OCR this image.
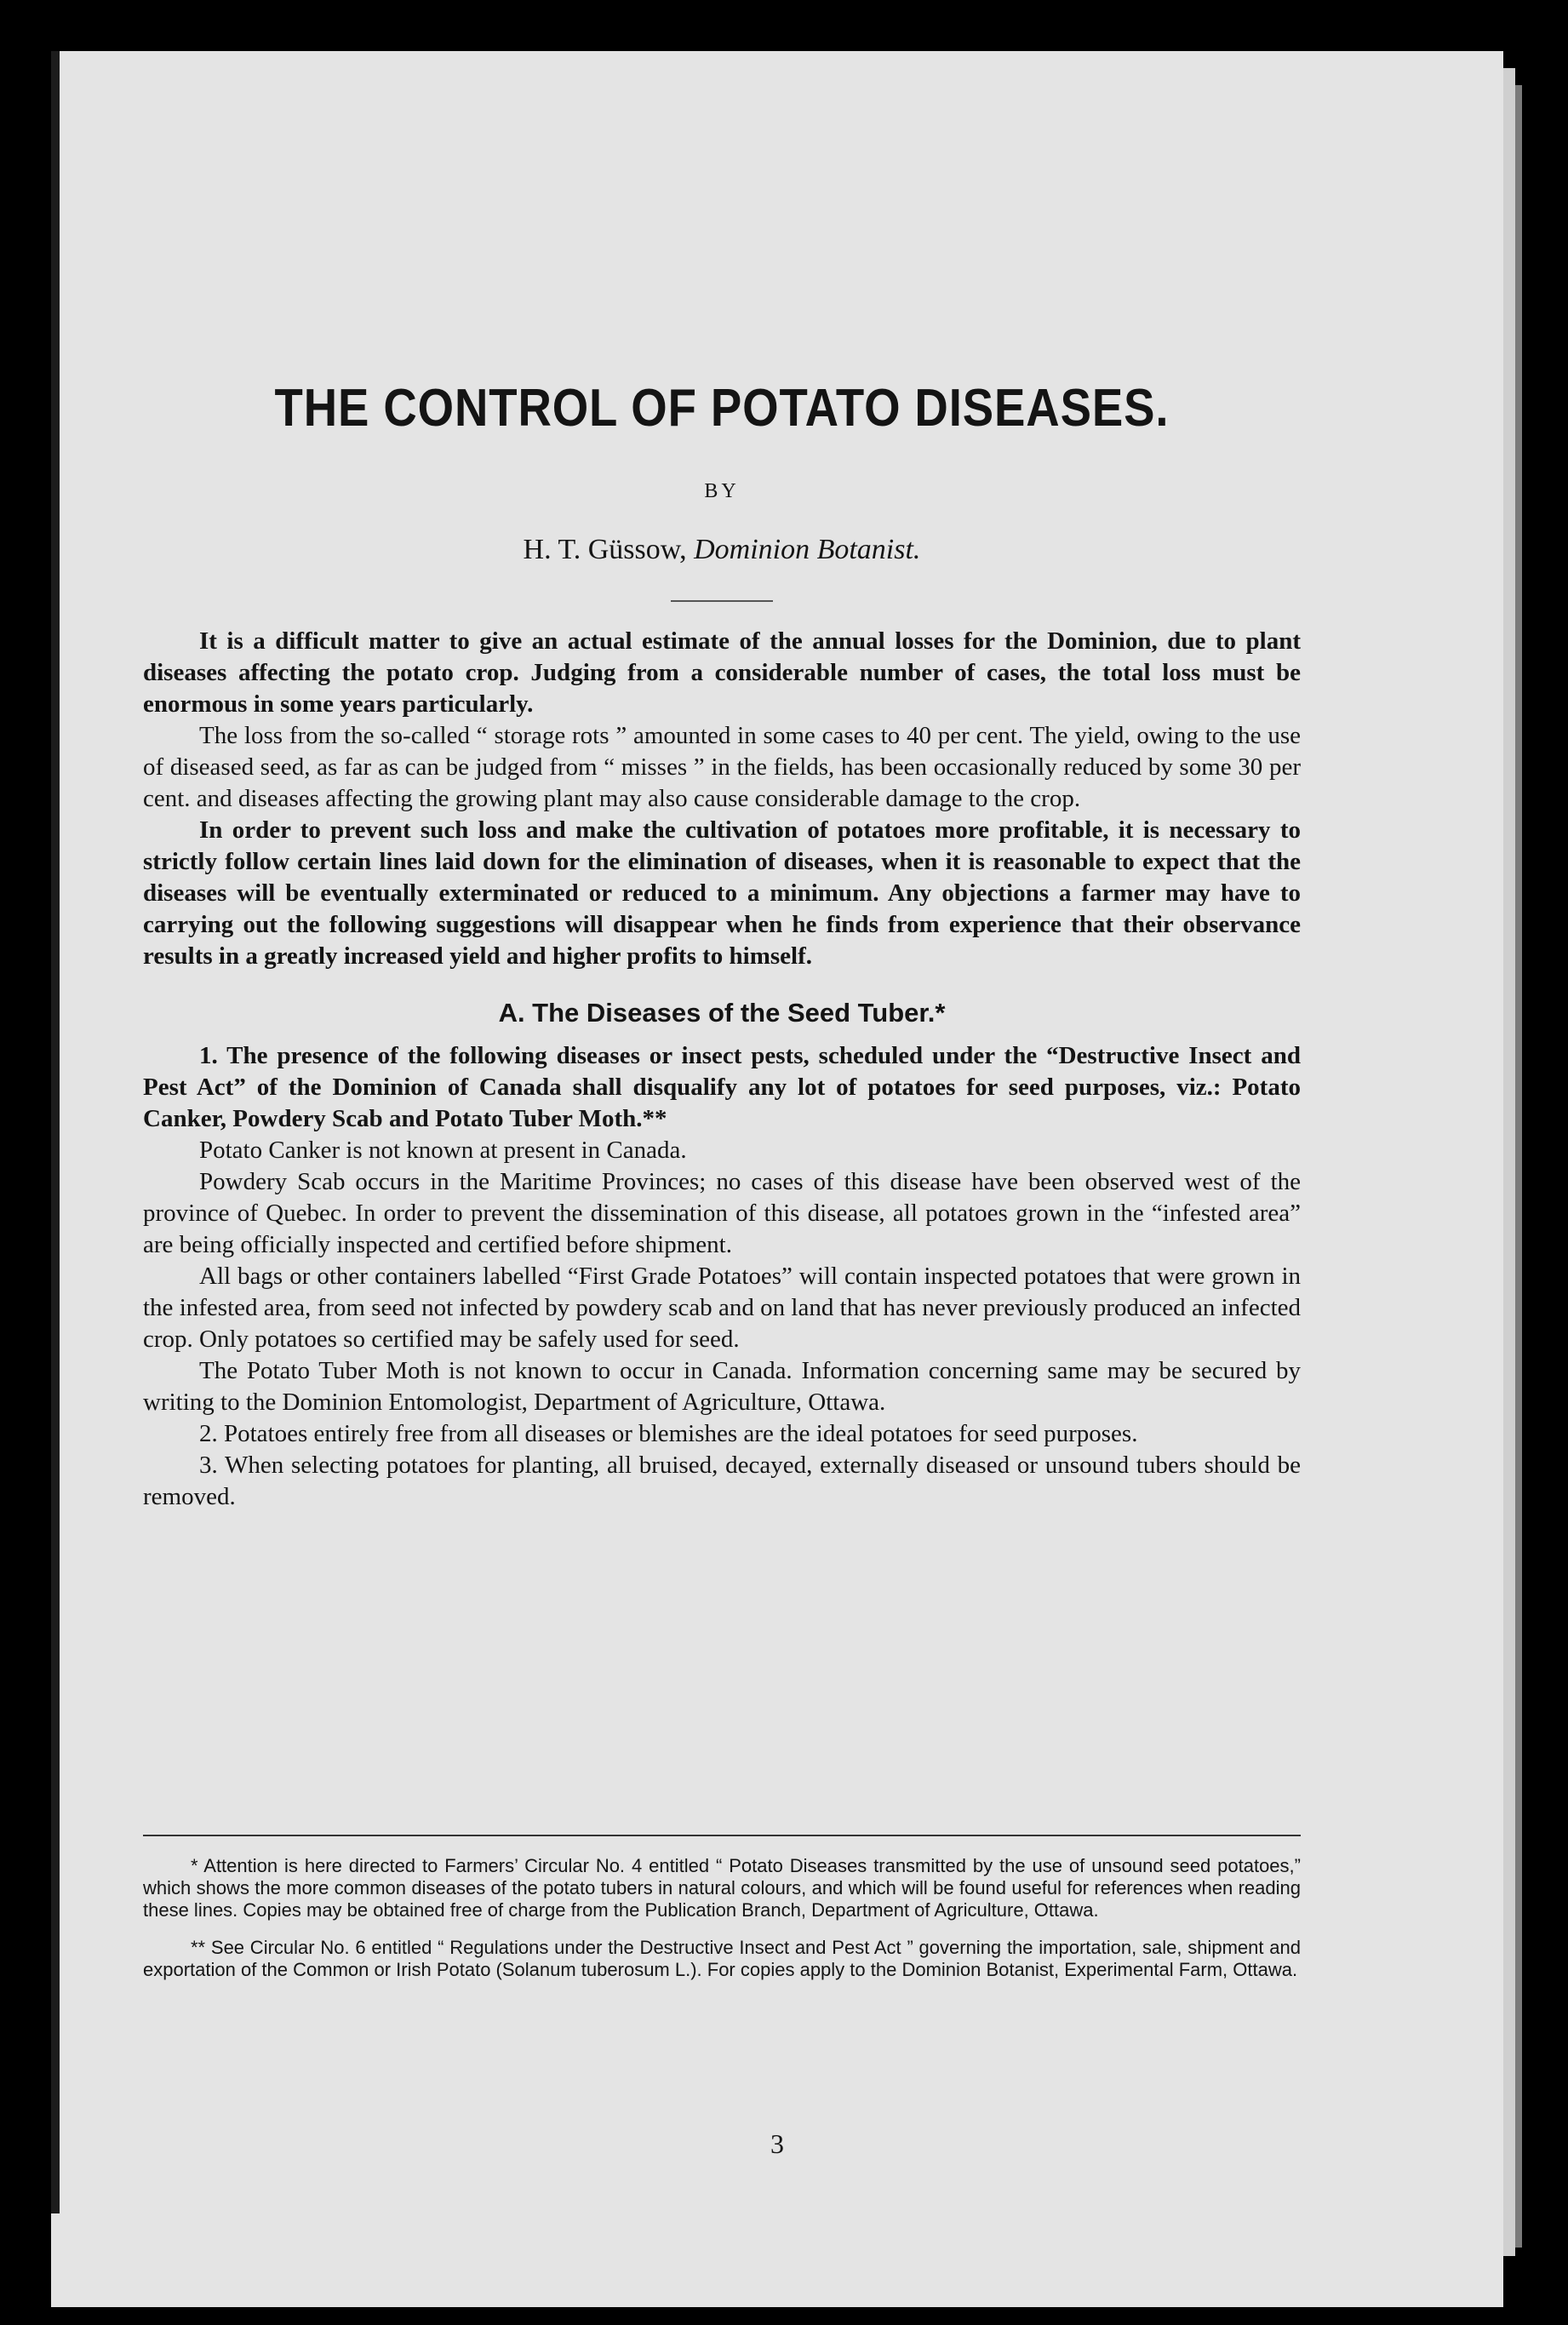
3
THE CONTROL OF POTATO DISEASES.
BY
H. T. Güssow, Dominion Botanist.

It is a difficult matter to give an actual estimate of the annual losses for the Dominion, due to plant diseases affecting the potato crop. Judging from a considerable number of cases, the total loss must be enormous in some years particularly.

The loss from the so-called “ storage rots ” amounted in some cases to 40 per cent. The yield, owing to the use of diseased seed, as far as can be judged from “ misses ” in the fields, has been occasionally reduced by some 30 per cent. and diseases affecting the growing plant may also cause considerable damage to the crop.

In order to prevent such loss and make the cultivation of potatoes more profitable, it is necessary to strictly follow certain lines laid down for the elimination of diseases, when it is reasonable to expect that the diseases will be eventually exterminated or reduced to a minimum. Any objections a farmer may have to carrying out the following suggestions will disappear when he finds from experience that their observance results in a greatly increased yield and higher profits to himself.

A. The Diseases of the Seed Tuber.*

1. The presence of the following diseases or insect pests, scheduled under the “Destructive Insect and Pest Act” of the Dominion of Canada shall disqualify any lot of potatoes for seed purposes, viz.: Potato Canker, Powdery Scab and Potato Tuber Moth.**

Potato Canker is not known at present in Canada.

Powdery Scab occurs in the Maritime Provinces; no cases of this disease have been observed west of the province of Quebec. In order to prevent the dissemination of this disease, all potatoes grown in the “infested area” are being officially inspected and certified before shipment.

All bags or other containers labelled “First Grade Potatoes” will contain inspected potatoes that were grown in the infested area, from seed not infected by powdery scab and on land that has never previously produced an infected crop. Only potatoes so certified may be safely used for seed.

The Potato Tuber Moth is not known to occur in Canada. Information concerning same may be secured by writing to the Dominion Entomologist, Department of Agriculture, Ottawa.

2. Potatoes entirely free from all diseases or blemishes are the ideal potatoes for seed purposes.

3. When selecting potatoes for planting, all bruised, decayed, externally diseased or unsound tubers should be removed.

* Attention is here directed to Farmers’ Circular No. 4 entitled “ Potato Diseases transmitted by the use of unsound seed potatoes,” which shows the more common diseases of the potato tubers in natural colours, and which will be found useful for references when reading these lines. Copies may be obtained free of charge from the Publication Branch, Department of Agriculture, Ottawa.

** See Circular No. 6 entitled “ Regulations under the Destructive Insect and Pest Act ” governing the importation, sale, shipment and exportation of the Common or Irish Potato (Solanum tuberosum L.). For copies apply to the Dominion Botanist, Experimental Farm, Ottawa.
